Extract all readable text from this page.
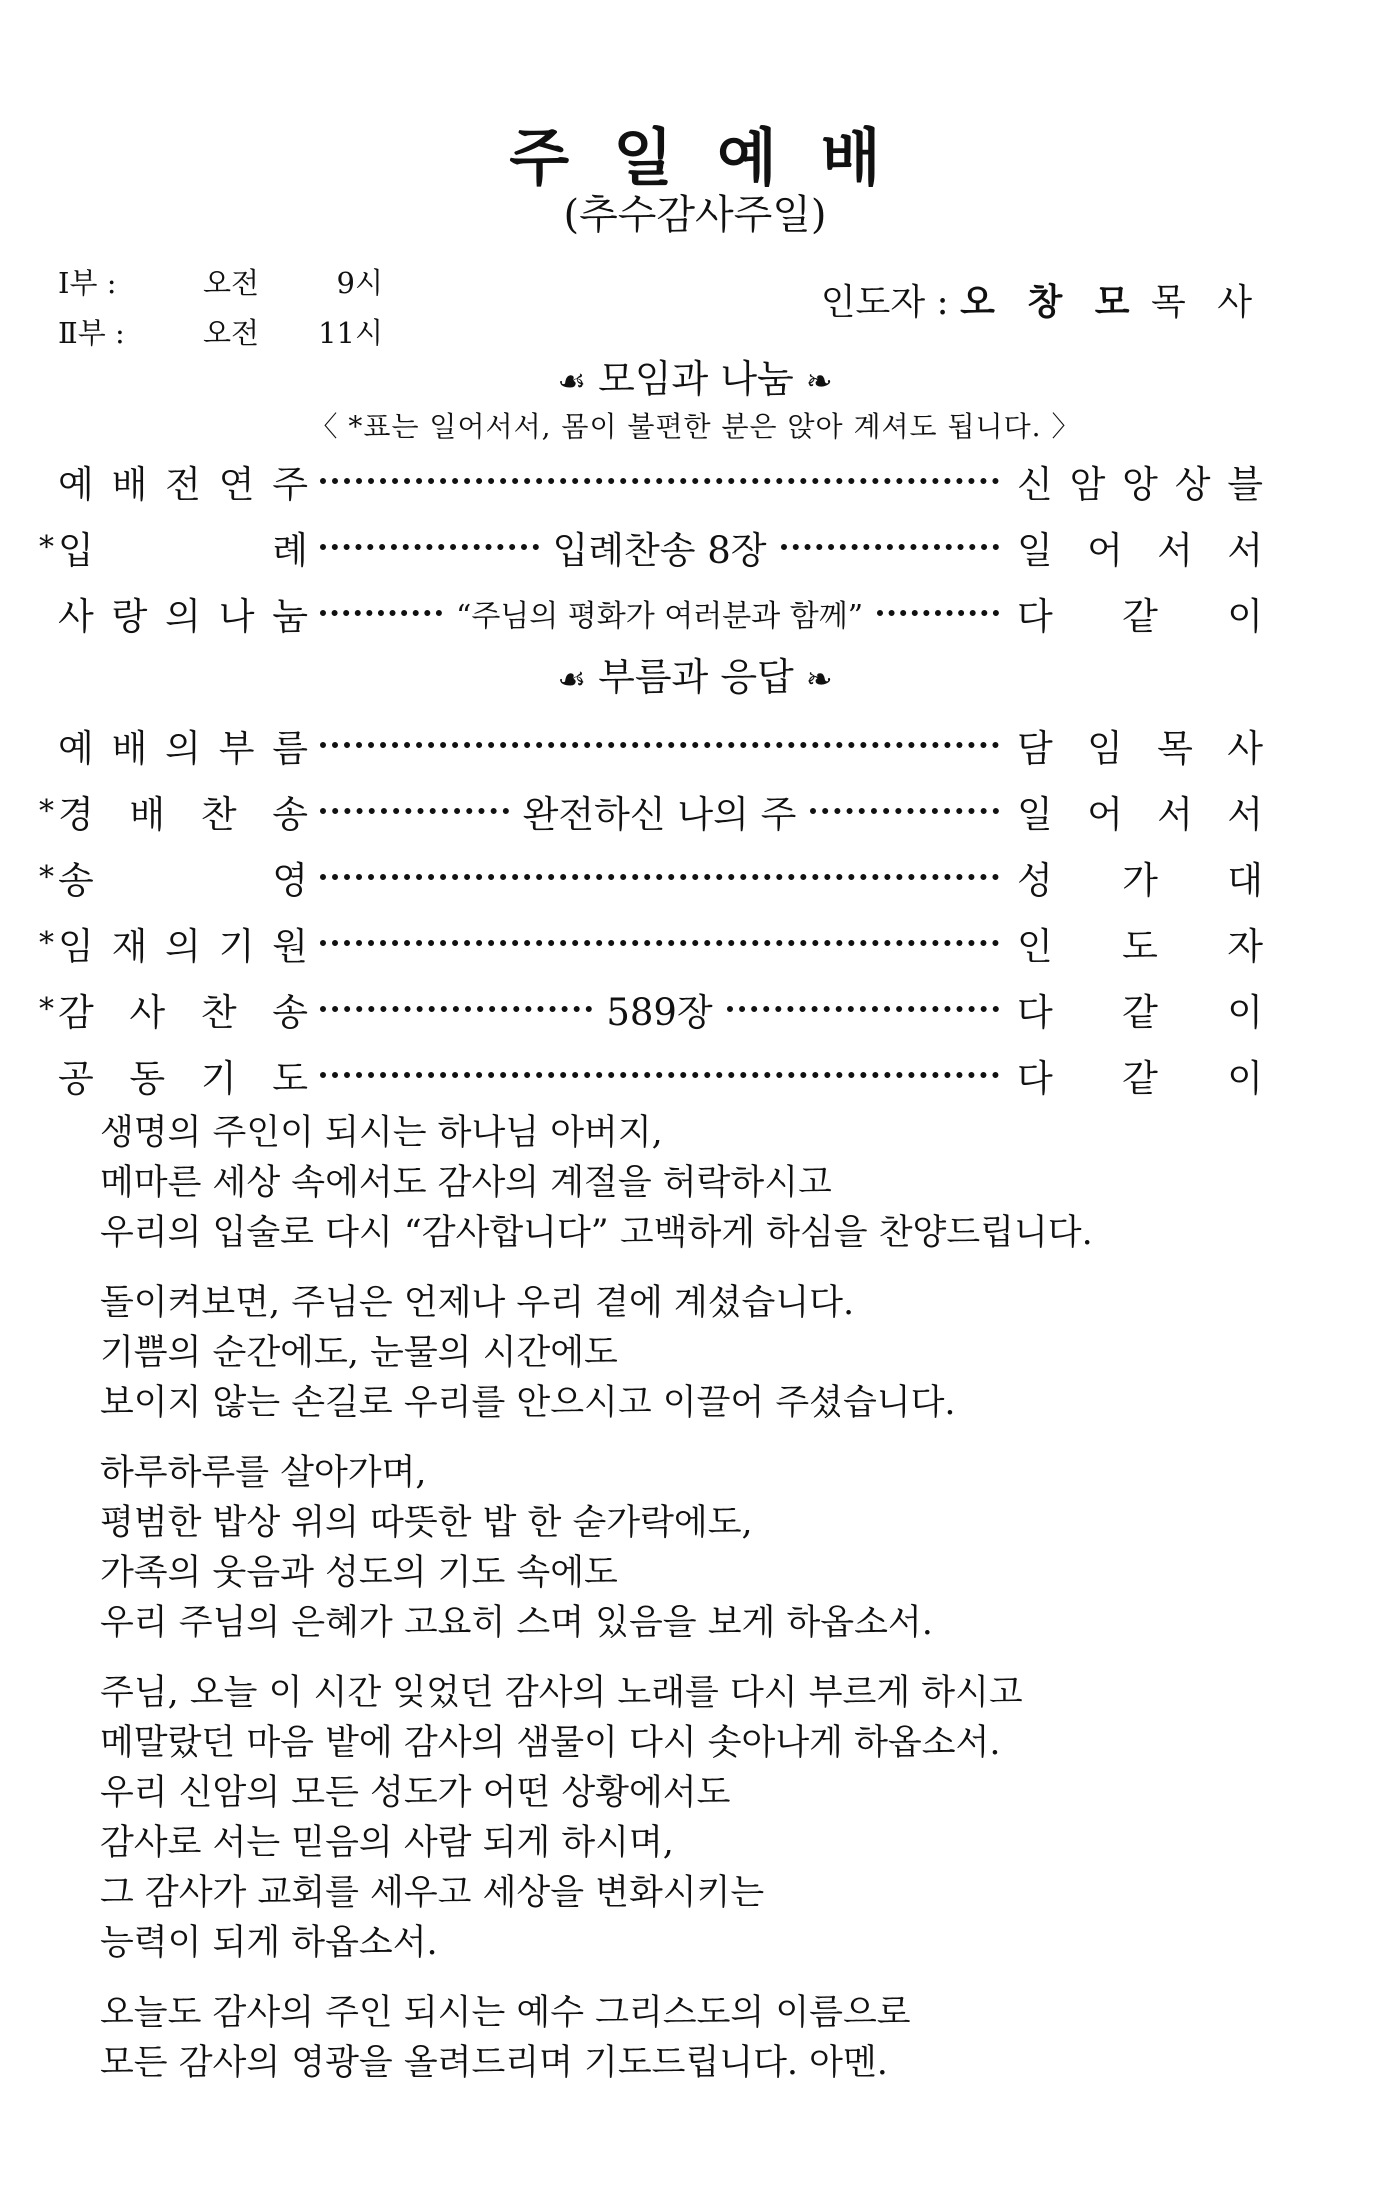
주일예배
(추수감사주일)
Ⅰ부 :	오전	9시
Ⅱ부 :	오전	11시
인도자 : 오 창 모 목 사
☙ 모임과 나눔 ❧
〈 *표는 일어서서, 몸이 불편한 분은 앉아 계셔도 됩니다. 〉
☙ 부름과 응답 ❧
예 배 전 연 주	신 암 앙 상 블
* 입	례	입례찬송 8장	일 어 서 서
사 랑 의 나 눔	“주님의 평화가 여러분과 함께”	다 같 이
예 배 의 부 름	담 임 목 사
* 경 배 찬 송	완전하신 나의 주	일 어 서 서
* 송	영	성 가 대
* 임 재 의 기 원	인 도 자
* 감 사 찬 송	589장	다 같 이
공 동 기 도	다 같 이

생명의 주인이 되시는 하나님 아버지,
메마른 세상 속에서도 감사의 계절을 허락하시고
우리의 입술로 다시 “감사합니다” 고백하게 하심을 찬양드립니다.

돌이켜보면, 주님은 언제나 우리 곁에 계셨습니다.
기쁨의 순간에도, 눈물의 시간에도
보이지 않는 손길로 우리를 안으시고 이끌어 주셨습니다.

하루하루를 살아가며,
평범한 밥상 위의 따뜻한 밥 한 숟가락에도,
가족의 웃음과 성도의 기도 속에도
우리 주님의 은혜가 고요히 스며 있음을 보게 하옵소서.

주님, 오늘 이 시간 잊었던 감사의 노래를 다시 부르게 하시고
메말랐던 마음 밭에 감사의 샘물이 다시 솟아나게 하옵소서.
우리 신암의 모든 성도가 어떤 상황에서도
감사로 서는 믿음의 사람 되게 하시며,
그 감사가 교회를 세우고 세상을 변화시키는
능력이 되게 하옵소서.

오늘도 감사의 주인 되시는 예수 그리스도의 이름으로
모든 감사의 영광을 올려드리며 기도드립니다. 아멘.
